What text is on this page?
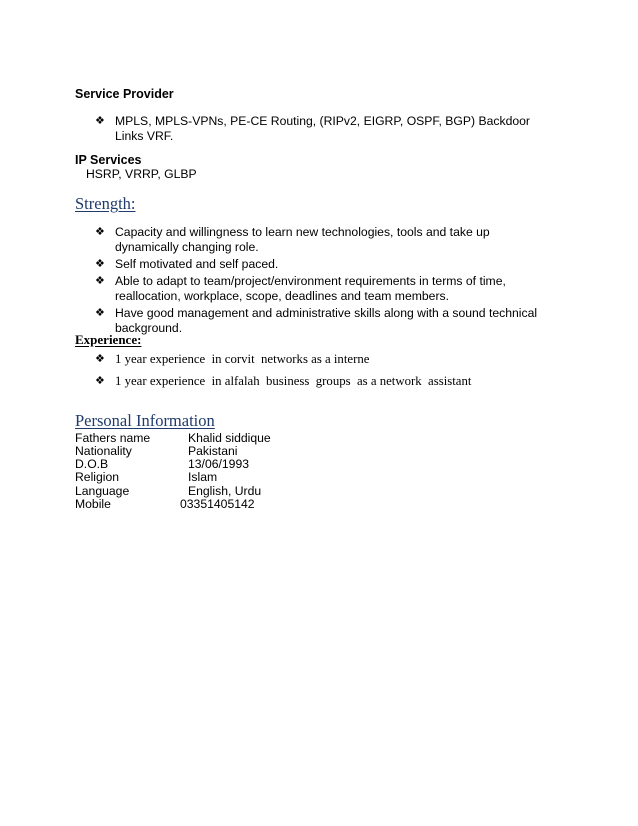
Service Provider
❖ MPLS, MPLS-VPNs, PE-CE Routing, (RIPv2, EIGRP, OSPF, BGP) Backdoor Links VRF.
IP Services
HSRP, VRRP, GLBP
Strength:
❖ Capacity and willingness to learn new technologies, tools and take up dynamically changing role.
❖ Self motivated and self paced.
❖ Able to adapt to team/project/environment requirements in terms of time, reallocation, workplace, scope, deadlines and team members.
❖ Have good management and administrative skills along with a sound technical background.
Experience:
❖ 1 year experience  in corvit  networks as a interne
❖ 1 year experience  in alfalah  business  groups  as a network  assistant
Personal Information
Fathers name	Khalid siddique
Nationality	Pakistani
D.O.B	13/06/1993
Religion	Islam
Language	English, Urdu
Mobile	03351405142
